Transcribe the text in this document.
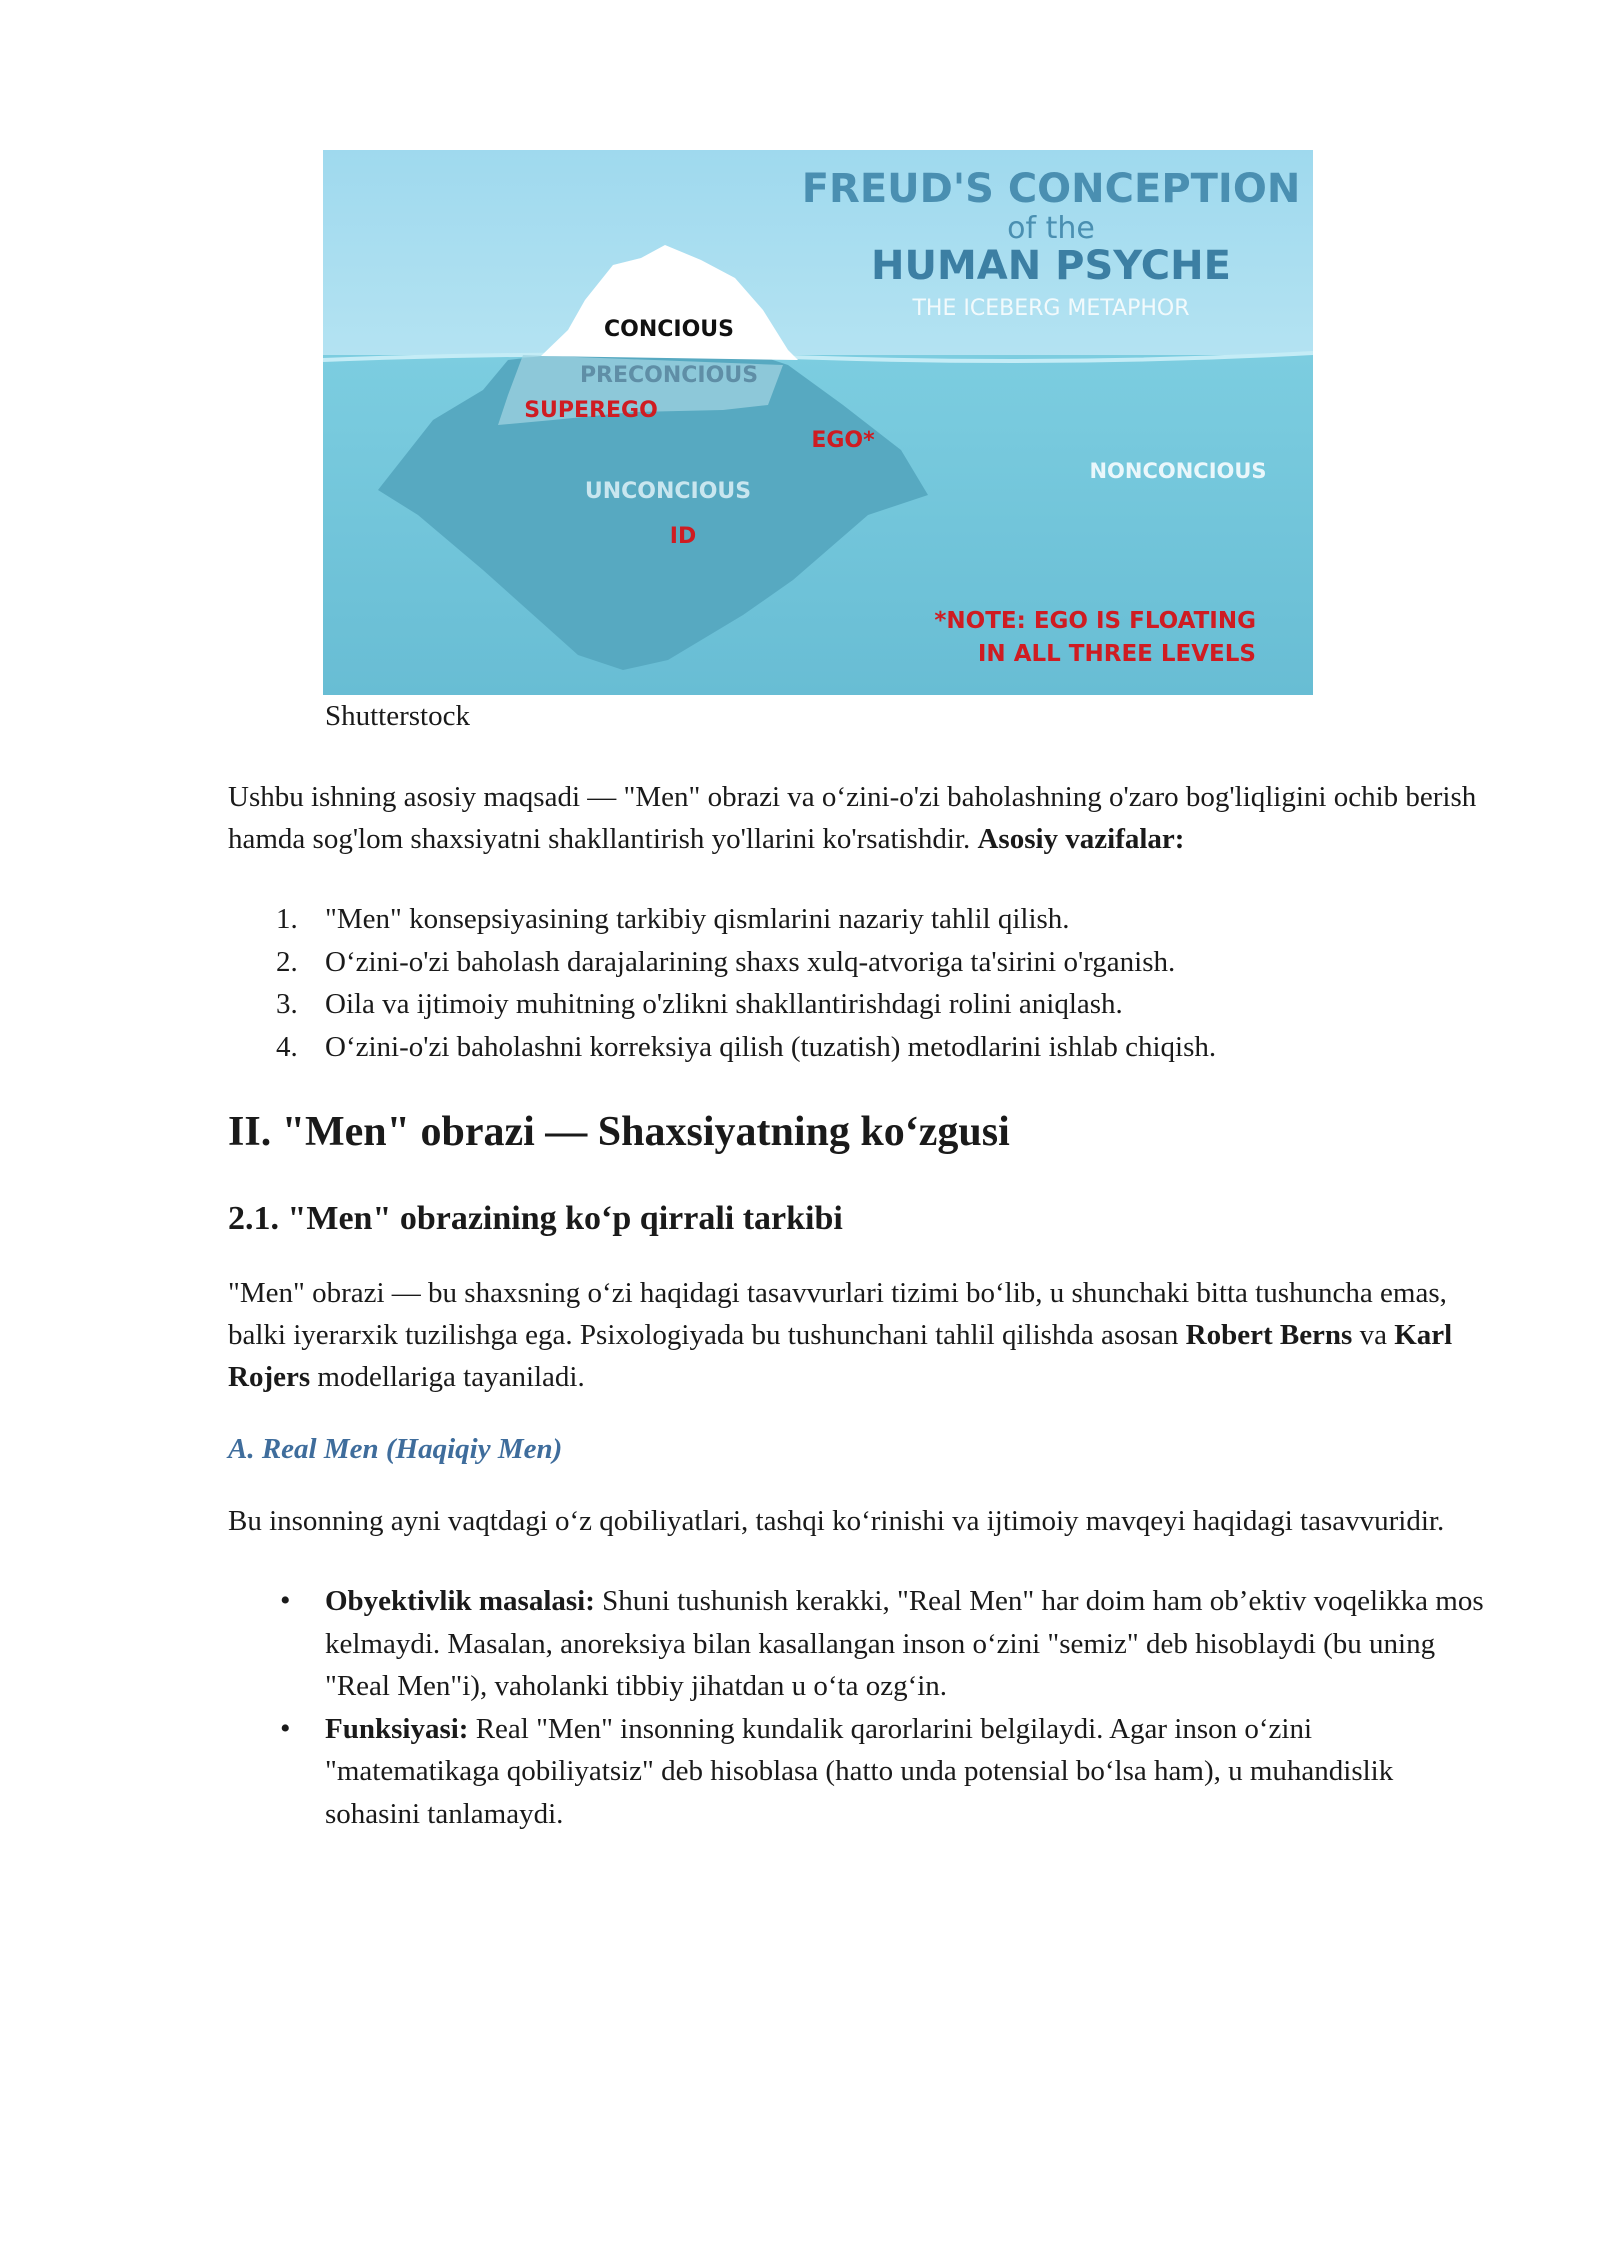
FREUD'S CONCEPTION
of the
HUMAN PSYCHE
THE ICEBERG METAPHOR
CONCIOUS
PRECONCIOUS
SUPEREGO
EGO*
UNCONCIOUS
ID
NONCONCIOUS
*NOTE: EGO IS FLOATING
IN ALL THREE LEVELS

Shutterstock

Ushbu ishning asosiy maqsadi — "Men" obrazi va o‘zini-o'zi baholashning o'zaro bog'liqligini ochib berish hamda sog'lom shaxsiyatni shakllantirish yo'llarini ko'rsatishdir. Asosiy vazifalar:

1. "Men" konsepsiyasining tarkibiy qismlarini nazariy tahlil qilish.
2. O‘zini-o'zi baholash darajalarining shaxs xulq-atvoriga ta'sirini o'rganish.
3. Oila va ijtimoiy muhitning o'zlikni shakllantirishdagi rolini aniqlash.
4. O‘zini-o'zi baholashni korreksiya qilish (tuzatish) metodlarini ishlab chiqish.
II. "Men" obrazi — Shaxsiyatning ko‘zgusi
2.1. "Men" obrazining ko‘p qirrali tarkibi

"Men" obrazi — bu shaxsning o‘zi haqidagi tasavvurlari tizimi bo‘lib, u shunchaki bitta tushuncha emas, balki iyerarxik tuzilishga ega. Psixologiyada bu tushunchani tahlil qilishda asosan Robert Berns va Karl Rojers modellariga tayaniladi.

A. Real Men (Haqiqiy Men)

Bu insonning ayni vaqtdagi o‘z qobiliyatlari, tashqi ko‘rinishi va ijtimoiy mavqeyi haqidagi tasavvuridir.

• Obyektivlik masalasi: Shuni tushunish kerakki, "Real Men" har doim ham ob’ektiv voqelikka mos kelmaydi. Masalan, anoreksiya bilan kasallangan inson o‘zini "semiz" deb hisoblaydi (bu uning "Real Men"i), vaholanki tibbiy jihatdan u o‘ta ozg‘in.
• Funksiyasi: Real "Men" insonning kundalik qarorlarini belgilaydi. Agar inson o‘zini "matematikaga qobiliyatsiz" deb hisoblasa (hatto unda potensial bo‘lsa ham), u muhandislik sohasini tanlamaydi.
